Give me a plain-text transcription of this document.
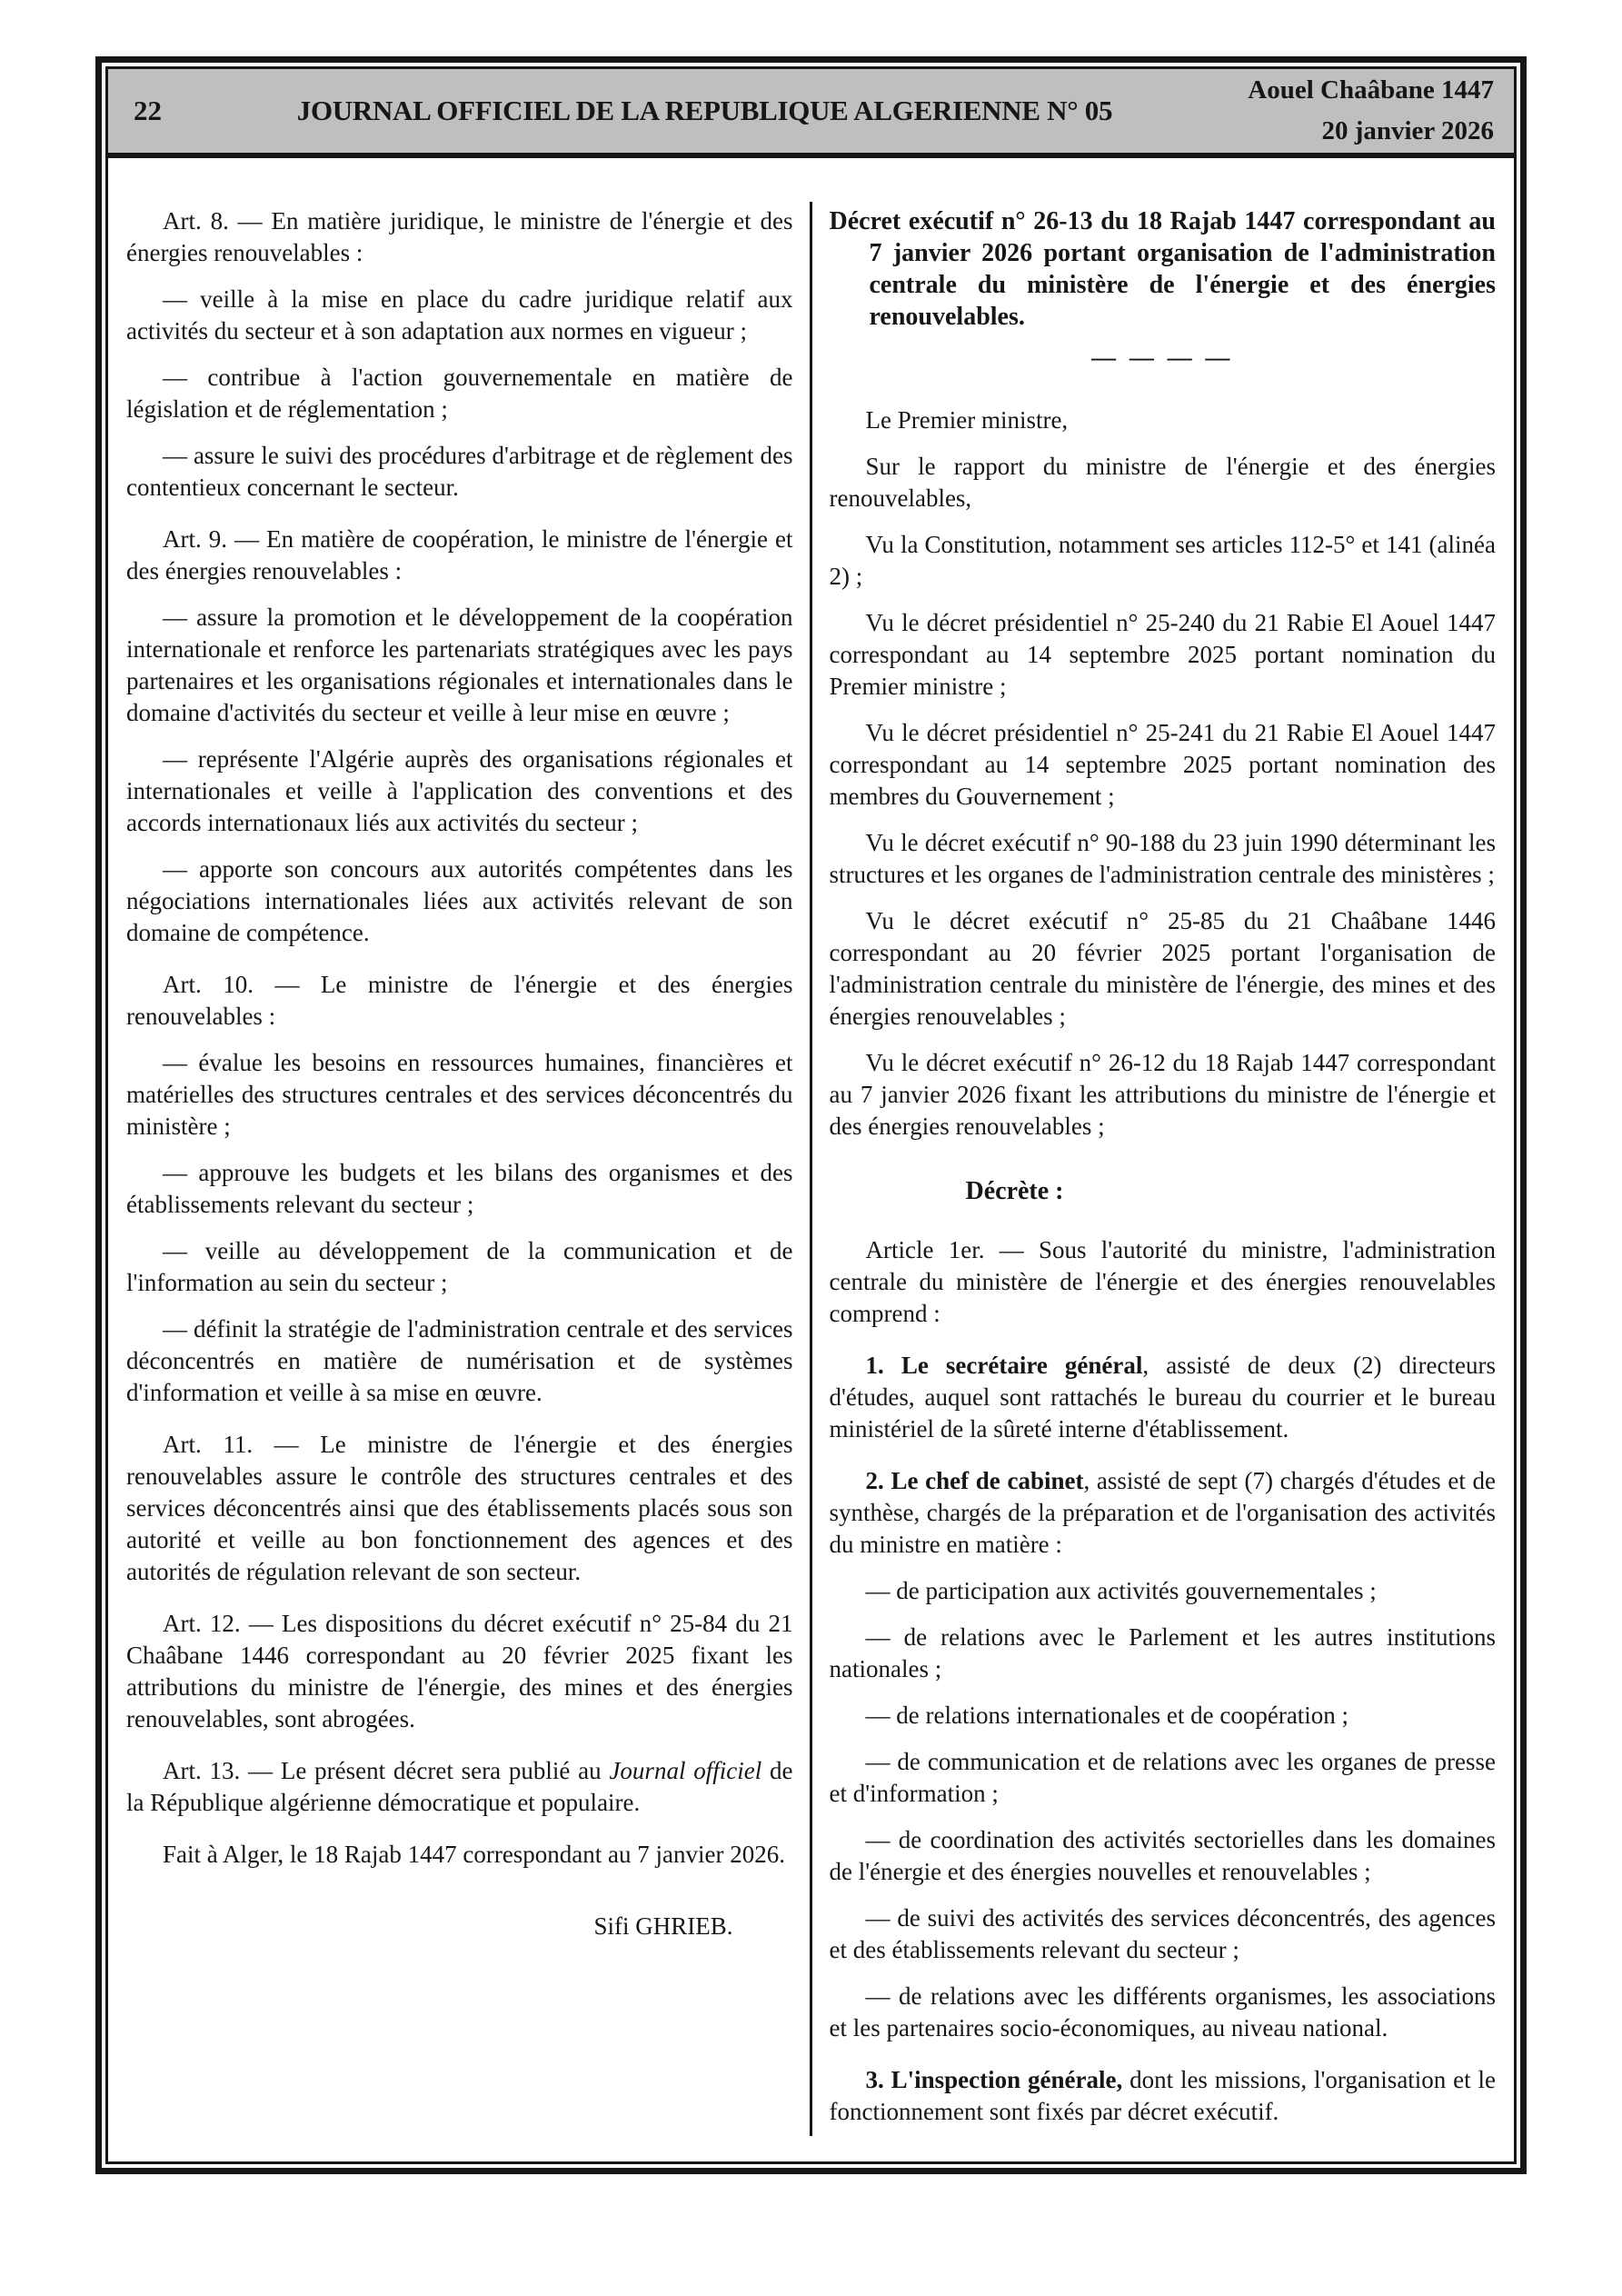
22	JOURNAL OFFICIEL DE LA REPUBLIQUE ALGERIENNE N° 05
Aouel Chaâbane 1447
20 janvier 2026

Art. 8. — En matière juridique, le ministre de l'énergie et des énergies renouvelables :

— veille à la mise en place du cadre juridique relatif aux activités du secteur et à son adaptation aux normes en vigueur ;

— contribue à l'action gouvernementale en matière de législation et de réglementation ;

— assure le suivi des procédures d'arbitrage et de règlement des contentieux concernant le secteur.

Art. 9. — En matière de coopération, le ministre de l'énergie et des énergies renouvelables :

— assure la promotion et le développement de la coopération internationale et renforce les partenariats stratégiques avec les pays partenaires et les organisations régionales et internationales dans le domaine d'activités du secteur et veille à leur mise en œuvre ;

— représente l'Algérie auprès des organisations régionales et internationales et veille à l'application des conventions et des accords internationaux liés aux activités du secteur ;

— apporte son concours aux autorités compétentes dans les négociations internationales liées aux activités relevant de son domaine de compétence.

Art. 10. — Le ministre de l'énergie et des énergies renouvelables :

— évalue les besoins en ressources humaines, financières et matérielles des structures centrales et des services déconcentrés du ministère ;

— approuve les budgets et les bilans des organismes et des établissements relevant du secteur ;

— veille au développement de la communication et de l'information au sein du secteur ;

— définit la stratégie de l'administration centrale et des services déconcentrés en matière de numérisation et de systèmes d'information et veille à sa mise en œuvre.

Art. 11. — Le ministre de l'énergie et des énergies renouvelables assure le contrôle des structures centrales et des services déconcentrés ainsi que des établissements placés sous son autorité et veille au bon fonctionnement des agences et des autorités de régulation relevant de son secteur.

Art. 12. — Les dispositions du décret exécutif n° 25-84 du 21 Chaâbane 1446 correspondant au 20 février 2025 fixant les attributions du ministre de l'énergie, des mines et des énergies renouvelables, sont abrogées.

Art. 13. — Le présent décret sera publié au Journal officiel de la République algérienne démocratique et populaire.

Fait à Alger, le 18 Rajab 1447 correspondant au 7 janvier 2026.

Sifi GHRIEB.

Décret exécutif n° 26-13 du 18 Rajab 1447 correspondant au 7 janvier 2026 portant organisation de l'administration centrale du ministère de l'énergie et des énergies renouvelables.

— — — —

Le Premier ministre,

Sur le rapport du ministre de l'énergie et des énergies renouvelables,

Vu la Constitution, notamment ses articles 112-5° et 141 (alinéa 2) ;

Vu le décret présidentiel n° 25-240 du 21 Rabie El Aouel 1447 correspondant au 14 septembre 2025 portant nomination du Premier ministre ;

Vu le décret présidentiel n° 25-241 du 21 Rabie El Aouel 1447 correspondant au 14 septembre 2025 portant nomination des membres du Gouvernement ;

Vu le décret exécutif n° 90-188 du 23 juin 1990 déterminant les structures et les organes de l'administration centrale des ministères ;

Vu le décret exécutif n° 25-85 du 21 Chaâbane 1446 correspondant au 20 février 2025 portant l'organisation de l'administration centrale du ministère de l'énergie, des mines et des énergies renouvelables ;

Vu le décret exécutif n° 26-12 du 18 Rajab 1447 correspondant au 7 janvier 2026 fixant les attributions du ministre de l'énergie et des énergies renouvelables ;

Décrète :

Article 1er. — Sous l'autorité du ministre, l'administration centrale du ministère de l'énergie et des énergies renouvelables comprend :

1. Le secrétaire général, assisté de deux (2) directeurs d'études, auquel sont rattachés le bureau du courrier et le bureau ministériel de la sûreté interne d'établissement.

2. Le chef de cabinet, assisté de sept (7) chargés d'études et de synthèse, chargés de la préparation et de l'organisation des activités du ministre en matière :

— de participation aux activités gouvernementales ;

— de relations avec le Parlement et les autres institutions nationales ;

— de relations internationales et de coopération ;

— de communication et de relations avec les organes de presse et d'information ;

— de coordination des activités sectorielles dans les domaines de l'énergie et des énergies nouvelles et renouvelables ;

— de suivi des activités des services déconcentrés, des agences et des établissements relevant du secteur ;

— de relations avec les différents organismes, les associations et les partenaires socio-économiques, au niveau national.

3. L'inspection générale, dont les missions, l'organisation et le fonctionnement sont fixés par décret exécutif.
